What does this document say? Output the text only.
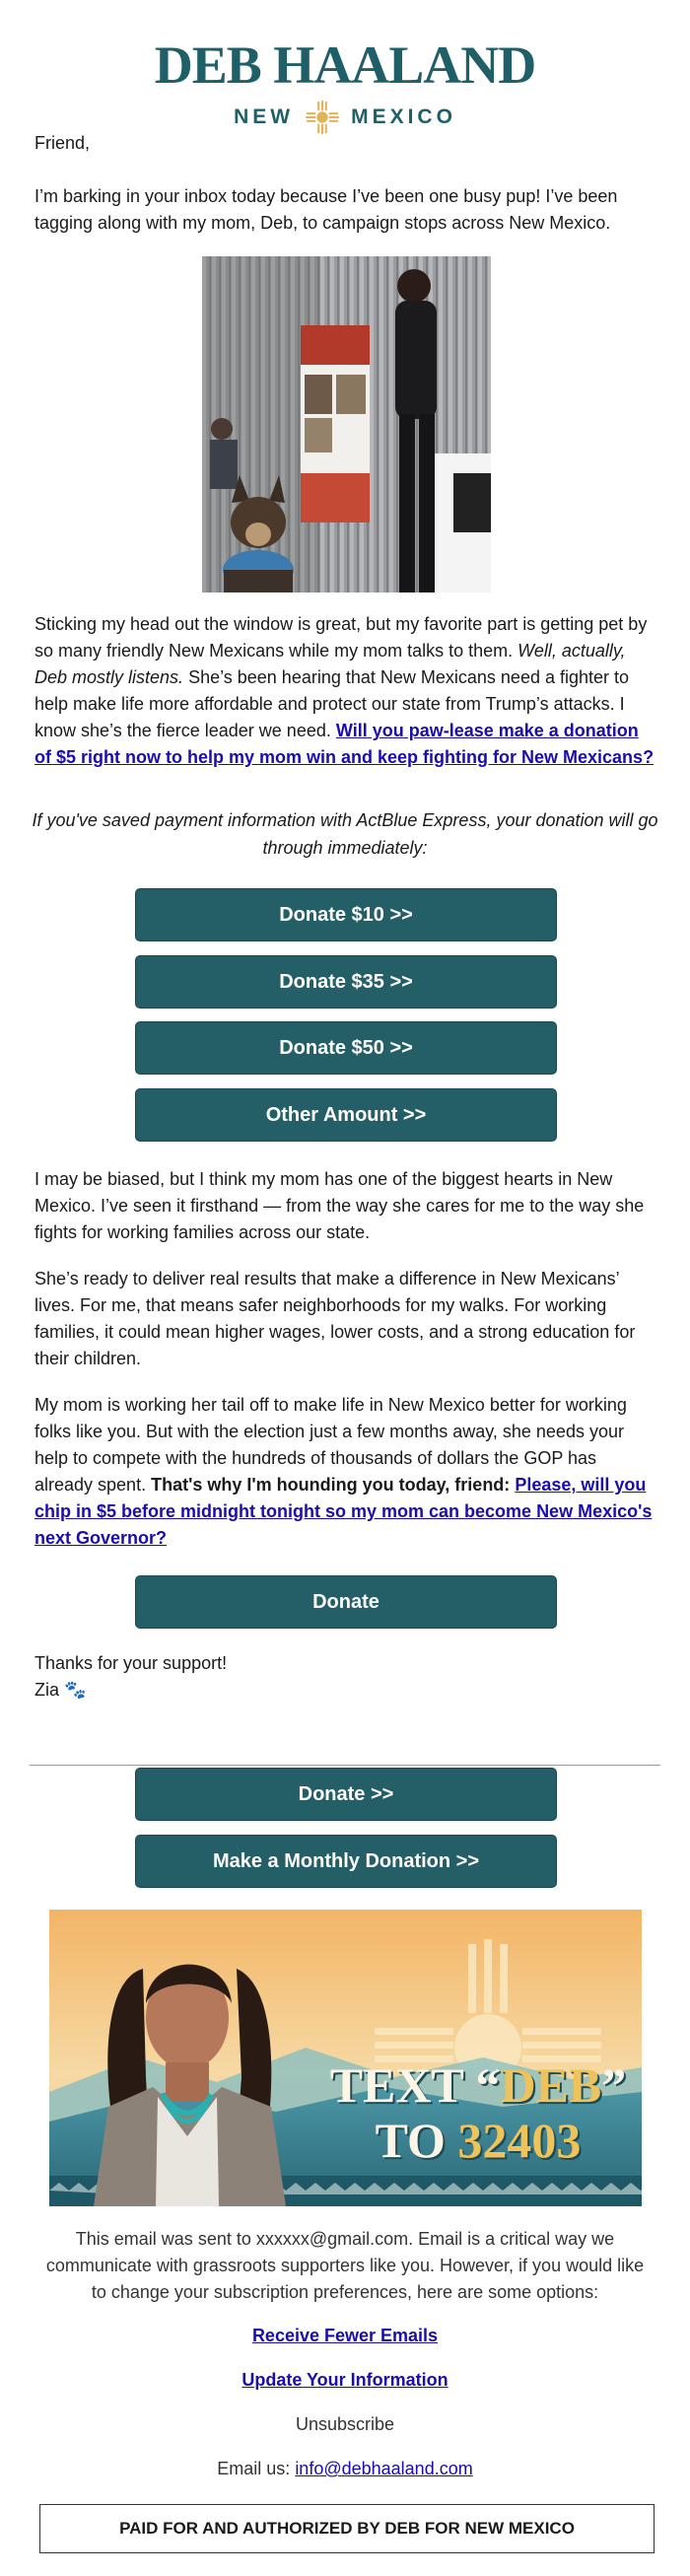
DEB HAALAND
NEW	MEXICO
Friend,
I’m barking in your inbox today because I’ve been one busy pup! I’ve been tagging along with my mom, Deb, to campaign stops across New Mexico.
Sticking my head out the window is great, but my favorite part is getting pet by so many friendly New Mexicans while my mom talks to them. Well, actually, Deb mostly listens. She’s been hearing that New Mexicans need a fighter to help make life more affordable and protect our state from Trump’s attacks. I know she’s the fierce leader we need. Will you paw-lease make a donation of $5 right now to help my mom win and keep fighting for New Mexicans?
If you've saved payment information with ActBlue Express, your donation will go through immediately:
Donate $10 >>
Donate $35 >>
Donate $50 >>
Other Amount >>
I may be biased, but I think my mom has one of the biggest hearts in New Mexico. I’ve seen it firsthand — from the way she cares for me to the way she fights for working families across our state.
She’s ready to deliver real results that make a difference in New Mexicans’ lives. For me, that means safer neighborhoods for my walks. For working families, it could mean higher wages, lower costs, and a strong education for their children.
My mom is working her tail off to make life in New Mexico better for working folks like you. But with the election just a few months away, she needs your help to compete with the hundreds of thousands of dollars the GOP has already spent. That's why I'm hounding you today, friend: Please, will you chip in $5 before midnight tonight so my mom can become New Mexico's next Governor?
Donate
Thanks for your support!
Zia 🐾
Donate >>
Make a Monthly Donation >>
TEXT “DEB”
TO 32403
This email was sent to xxxxxx@gmail.com. Email is a critical way we communicate with grassroots supporters like you. However, if you would like to change your subscription preferences, here are some options:
Receive Fewer Emails
Update Your Information
Unsubscribe
Email us: info@debhaaland.com
PAID FOR AND AUTHORIZED BY DEB FOR NEW MEXICO
